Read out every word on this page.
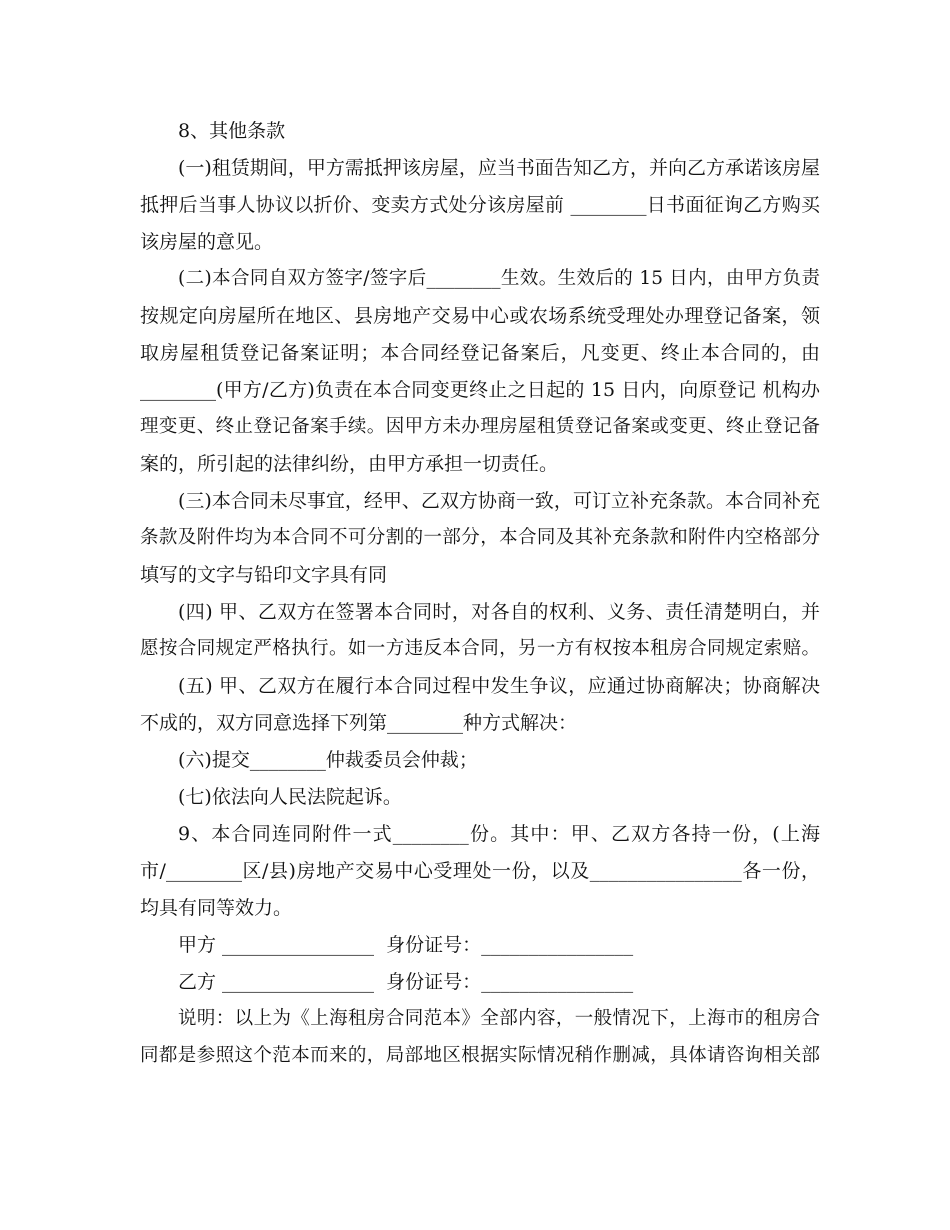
8、其他条款
(一)租赁期间，甲方需抵押该房屋，应当书面告知乙方，并向乙方承诺该房屋
抵押后当事人协议以折价、变卖方式处分该房屋前 ________日书面征询乙方购买
该房屋的意见。
(二)本合同自双方签字/签字后________生效。生效后的 15 日内，由甲方负责
按规定向房屋所在地区、县房地产交易中心或农场系统受理处办理登记备案，领
取房屋租赁登记备案证明；本合同经登记备案后，凡变更、终止本合同的，由
________(甲方/乙方)负责在本合同变更终止之日起的 15 日内，向原登记 机构办
理变更、终止登记备案手续。因甲方未办理房屋租赁登记备案或变更、终止登记备
案的，所引起的法律纠纷，由甲方承担一切责任。
(三)本合同未尽事宜，经甲、乙双方协商一致，可订立补充条款。本合同补充
条款及附件均为本合同不可分割的一部分，本合同及其补充条款和附件内空格部分
填写的文字与铅印文字具有同
(四) 甲、乙双方在签署本合同时，对各自的权利、义务、责任清楚明白，并
愿按合同规定严格执行。如一方违反本合同，另一方有权按本租房合同规定索赔。
(五) 甲、乙双方在履行本合同过程中发生争议，应通过协商解决；协商解决
不成的，双方同意选择下列第________种方式解决：
(六)提交________仲裁委员会仲裁；
(七)依法向人民法院起诉。
9、本合同连同附件一式________份。其中：甲、乙双方各持一份，(上海
市/________区/县)房地产交易中心受理处一份，以及________________各一份，
均具有同等效力。
甲方 ________________  身份证号：________________
乙方 ________________  身份证号：________________
说明：以上为《上海租房合同范本》全部内容，一般情况下，上海市的租房合
同都是参照这个范本而来的，局部地区根据实际情况稍作删减，具体请咨询相关部
